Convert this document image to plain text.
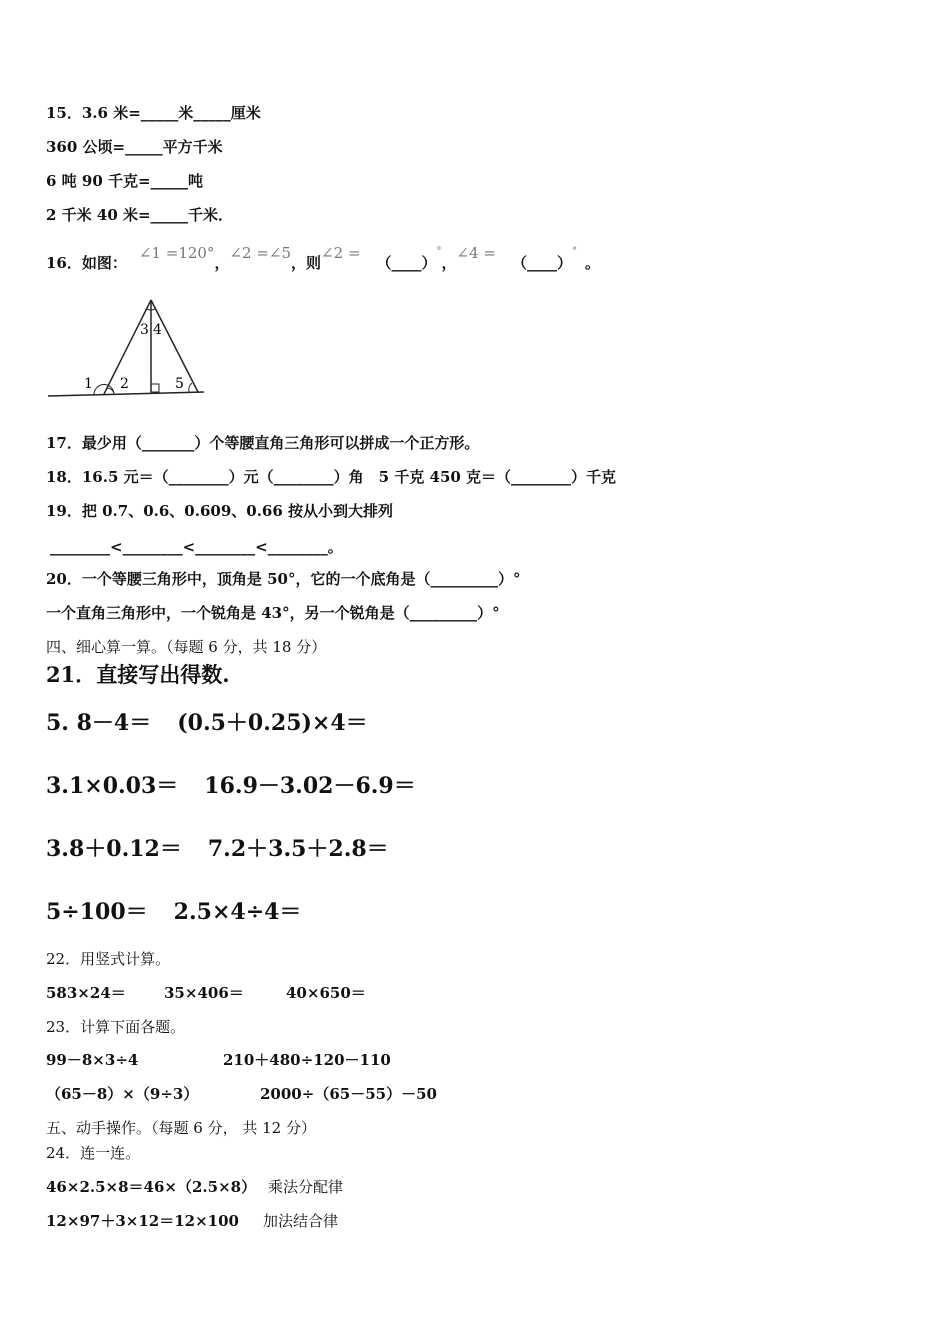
15．3.6 米=_____米_____厘米
360 公顷=_____平方千米
6 吨 90 千克=_____吨
2 千米 40 米=_____千米．
16．如图：∠1 =120°，∠2 =∠5，则∠2 =（____）°，∠4 =（____）°。
1 2
3 4
5
17．最少用（_______）个等腰直角三角形可以拼成一个正方形。
18．16.5 元＝（________）元（________）角　5 千克 450 克＝（________）千克
19．把 0.7、0.6、0.609、0.66 按从小到大排列
________<________<________<________。
20．一个等腰三角形中，顶角是 50°，它的一个底角是（_________）°
一个直角三角形中，一个锐角是 43°，另一个锐角是（_________）°
四、细心算一算。（每题 6 分，共 18 分）
21．直接写出得数.
5. 8－4＝ (0.5＋0.25)×4＝
3.1×0.03＝ 16.9－3.02－6.9＝
3.8＋0.12＝ 7.2＋3.5＋2.8＝
5÷100＝ 2.5×4÷4＝
22．用竖式计算。
583×24＝	35×406＝	40×650＝
23．计算下面各题。
99－8×3÷4	210＋480÷120－110
（65－8）×（9÷3）	2000÷（65－55）－50
五、动手操作。（每题 6 分， 共 12 分）
24．连一连。
46×2.5×8＝46×（2.5×8） 乘法分配律
12×97＋3×12＝12×100 加法结合律
